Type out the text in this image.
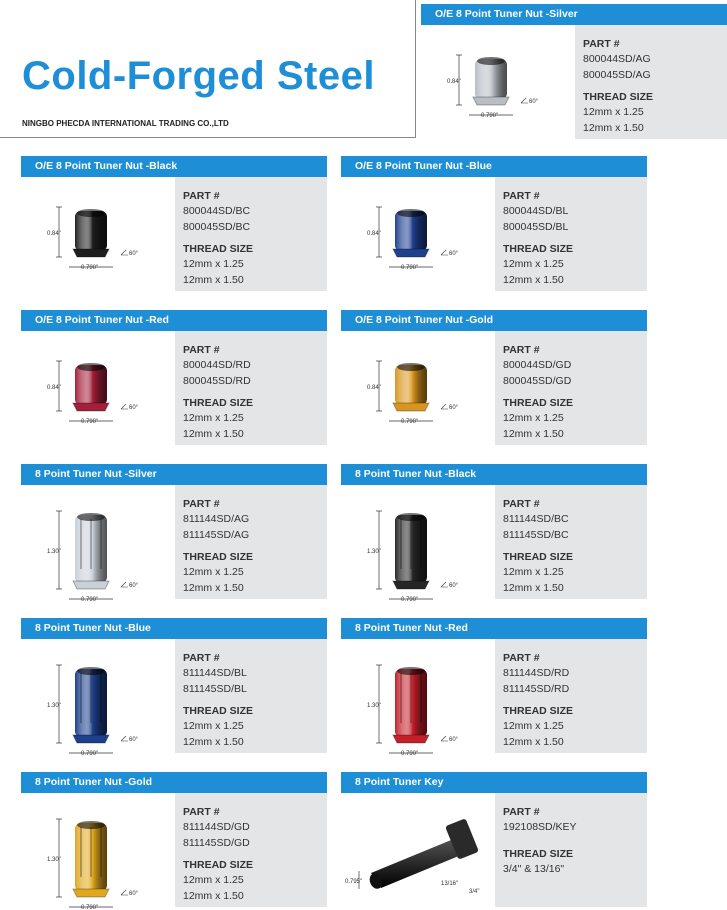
Cold-Forged Steel
NINGBO PHECDA INTERNATIONAL TRADING CO.,LTD
O/E 8 Point Tuner Nut -Silver
0.84"
0.790"
60°
PART #
800044SD/AG
800045SD/AG
THREAD SIZE
12mm x 1.25
12mm x 1.50
O/E 8 Point Tuner Nut -Black
0.84"
0.790"
60°
PART #
800044SD/BC
800045SD/BC
THREAD SIZE
12mm x 1.25
12mm x 1.50
O/E 8 Point Tuner Nut -Blue
0.84"
0.790"
60°
PART #
800044SD/BL
800045SD/BL
THREAD SIZE
12mm x 1.25
12mm x 1.50
O/E 8 Point Tuner Nut -Red
0.84"
0.790"
60°
PART #
800044SD/RD
800045SD/RD
THREAD SIZE
12mm x 1.25
12mm x 1.50
O/E 8 Point Tuner Nut -Gold
0.84"
0.790"
60°
PART #
800044SD/GD
800045SD/GD
THREAD SIZE
12mm x 1.25
12mm x 1.50
8 Point Tuner Nut -Silver
1.30"
0.790"
60°
PART #
811144SD/AG
811145SD/AG
THREAD SIZE
12mm x 1.25
12mm x 1.50
8 Point Tuner Nut -Black
1.30"
0.790"
60°
PART #
811144SD/BC
811145SD/BC
THREAD SIZE
12mm x 1.25
12mm x 1.50
8 Point Tuner Nut -Blue
1.30"
0.790"
60°
PART #
811144SD/BL
811145SD/BL
THREAD SIZE
12mm x 1.25
12mm x 1.50
8 Point Tuner Nut -Red
1.30"
0.790"
60°
PART #
811144SD/RD
811145SD/RD
THREAD SIZE
12mm x 1.25
12mm x 1.50
8 Point Tuner Nut -Gold
1.30"
0.790"
60°
PART #
811144SD/GD
811145SD/GD
THREAD SIZE
12mm x 1.25
12mm x 1.50
8 Point Tuner Key
0.795"	13/16"
3/4"
PART #
192108SD/KEY
THREAD SIZE
3/4" & 13/16"
